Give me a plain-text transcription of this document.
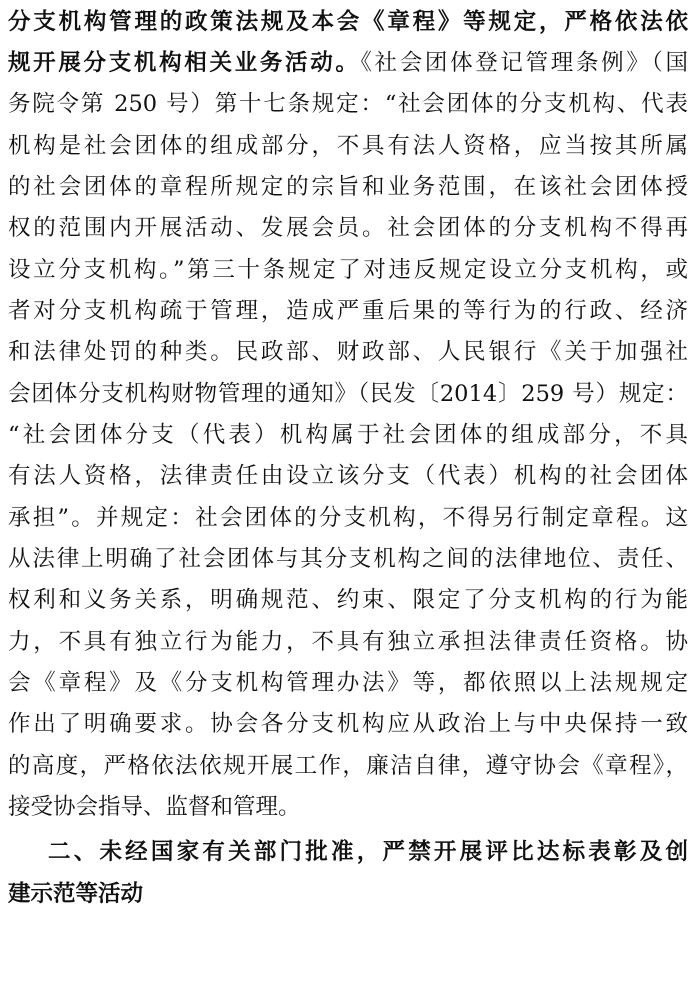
分支机构管理的政策法规及本会《章程》等规定，严格依法依
规开展分支机构相关业务活动。《社会团体登记管理条例》（国
务院令第 250 号）第十七条规定：“社会团体的分支机构、代表
机构是社会团体的组成部分，不具有法人资格，应当按其所属
的社会团体的章程所规定的宗旨和业务范围，在该社会团体授
权的范围内开展活动、发展会员。社会团体的分支机构不得再
设立分支机构。”第三十条规定了对违反规定设立分支机构，或
者对分支机构疏于管理，造成严重后果的等行为的行政、经济
和法律处罚的种类。民政部、财政部、人民银行《关于加强社
会团体分支机构财物管理的通知》（民发〔2014〕259 号）规定：
“社会团体分支（代表）机构属于社会团体的组成部分，不具
有法人资格，法律责任由设立该分支（代表）机构的社会团体
承担”。并规定：社会团体的分支机构，不得另行制定章程。这
从法律上明确了社会团体与其分支机构之间的法律地位、责任、
权利和义务关系，明确规范、约束、限定了分支机构的行为能
力，不具有独立行为能力，不具有独立承担法律责任资格。协
会《章程》及《分支机构管理办法》等，都依照以上法规规定
作出了明确要求。协会各分支机构应从政治上与中央保持一致
的高度，严格依法依规开展工作，廉洁自律，遵守协会《章程》，
接受协会指导、监督和管理。
二、未经国家有关部门批准，严禁开展评比达标表彰及创
建示范等活动
